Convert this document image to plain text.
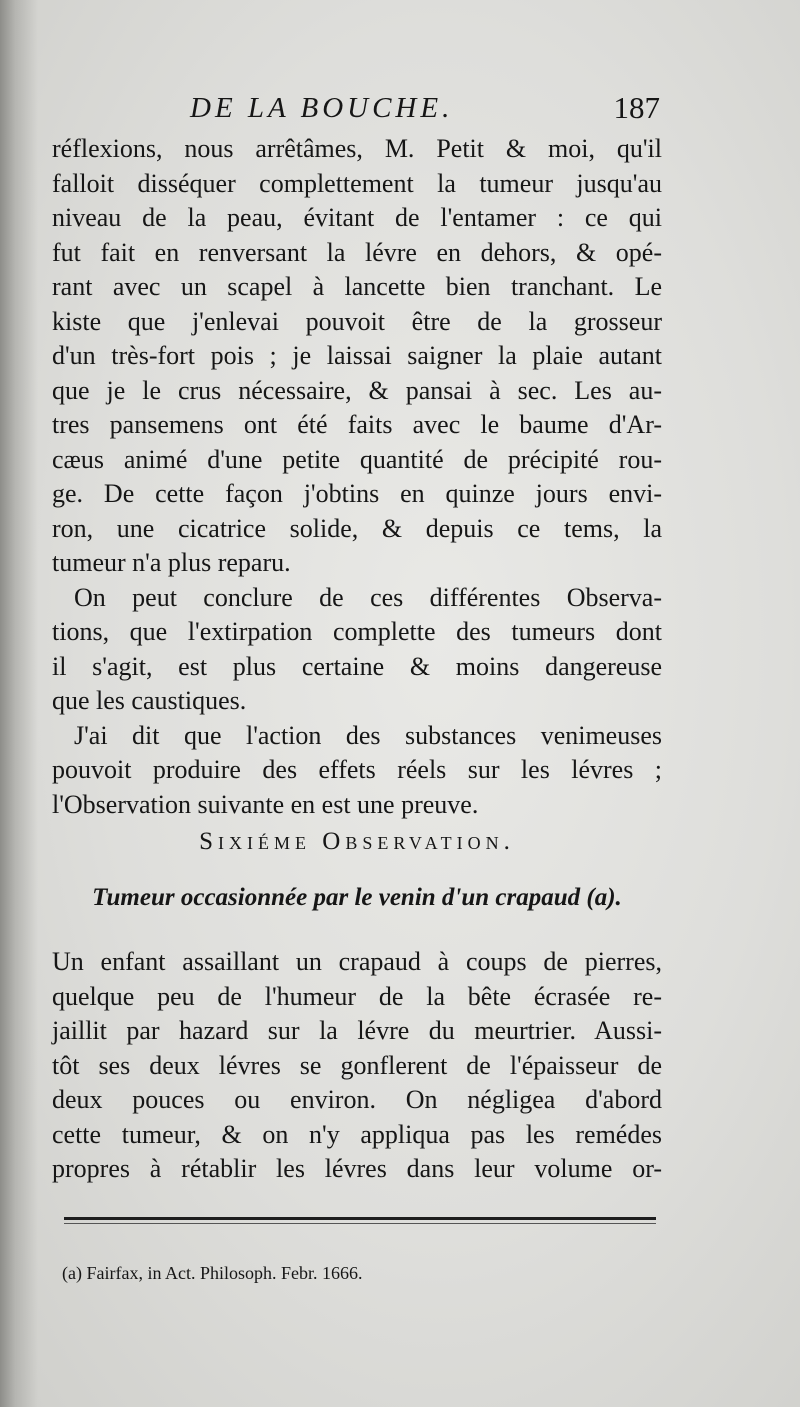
DE LA BOUCHE.	187
réflexions, nous arrêtâmes, M. Petit & moi, qu'il
falloit disséquer complettement la tumeur jusqu'au
niveau de la peau, évitant de l'entamer : ce qui
fut fait en renversant la lévre en dehors, & opé-
rant avec un scapel à lancette bien tranchant. Le
kiste que j'enlevai pouvoit être de la grosseur
d'un très-fort pois ; je laissai saigner la plaie autant
que je le crus nécessaire, & pansai à sec. Les au-
tres pansemens ont été faits avec le baume d'Ar-
cæus animé d'une petite quantité de précipité rou-
ge. De cette façon j'obtins en quinze jours envi-
ron, une cicatrice solide, & depuis ce tems, la
tumeur n'a plus reparu.
On peut conclure de ces différentes Observa-
tions, que l'extirpation complette des tumeurs dont
il s'agit, est plus certaine & moins dangereuse
que les caustiques.
J'ai dit que l'action des substances venimeuses
pouvoit produire des effets réels sur les lévres ;
l'Observation suivante en est une preuve.
Sixiéme Observation.
Tumeur occasionnée par le venin d'un crapaud (a).
Un enfant assaillant un crapaud à coups de pierres,
quelque peu de l'humeur de la bête écrasée re-
jaillit par hazard sur la lévre du meurtrier. Aussi-
tôt ses deux lévres se gonflerent de l'épaisseur de
deux pouces ou environ. On négligea d'abord
cette tumeur, & on n'y appliqua pas les remédes
propres à rétablir les lévres dans leur volume or-
(a) Fairfax, in Act. Philosoph. Febr. 1666.
